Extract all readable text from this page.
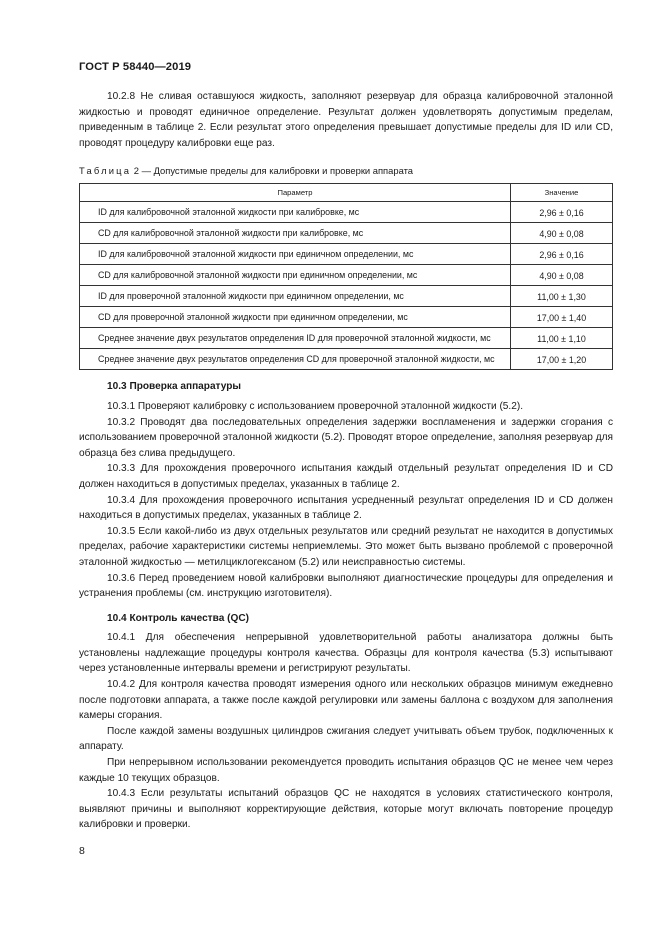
ГОСТ Р 58440—2019

10.2.8 Не сливая оставшуюся жидкость, заполняют резервуар для образца калибровочной эталонной жидкостью и проводят единичное определение. Результат должен удовлетворять допустимым пределам, приведенным в таблице 2. Если результат этого определения превышает допустимые пределы для ID или CD, проводят процедуру калибровки еще раз.

Таблица 2 — Допустимые пределы для калибровки и проверки аппарата

Параметр	Значение
ID для калибровочной эталонной жидкости при калибровке, мс	2,96 ± 0,16
CD для калибровочной эталонной жидкости при калибровке, мс	4,90 ± 0,08
ID для калибровочной эталонной жидкости при единичном определении, мс	2,96 ± 0,16
CD для калибровочной эталонной жидкости при единичном определении, мс	4,90 ± 0,08
ID для проверочной эталонной жидкости при единичном определении, мс	11,00 ± 1,30
CD для проверочной эталонной жидкости при единичном определении, мс	17,00 ± 1,40
Среднее значение двух результатов определения ID для проверочной эталонной жидкости, мс	11,00 ± 1,10
Среднее значение двух результатов определения CD для проверочной эталонной жидкости, мс	17,00 ± 1,20

10.3 Проверка аппаратуры

10.3.1 Проверяют калибровку с использованием проверочной эталонной жидкости (5.2).

10.3.2 Проводят два последовательных определения задержки воспламенения и задержки сгорания с использованием проверочной эталонной жидкости (5.2). Проводят второе определение, заполняя резервуар для образца без слива предыдущего.

10.3.3 Для прохождения проверочного испытания каждый отдельный результат определения ID и CD должен находиться в допустимых пределах, указанных в таблице 2.

10.3.4 Для прохождения проверочного испытания усредненный результат определения ID и CD должен находиться в допустимых пределах, указанных в таблице 2.

10.3.5 Если какой-либо из двух отдельных результатов или средний результат не находится в допустимых пределах, рабочие характеристики системы неприемлемы. Это может быть вызвано проблемой с проверочной эталонной жидкостью — метилциклогексаном (5.2) или неисправностью системы.

10.3.6 Перед проведением новой калибровки выполняют диагностические процедуры для определения и устранения проблемы (см. инструкцию изготовителя).

10.4 Контроль качества (QC)

10.4.1 Для обеспечения непрерывной удовлетворительной работы анализатора должны быть установлены надлежащие процедуры контроля качества. Образцы для контроля качества (5.3) испытывают через установленные интервалы времени и регистрируют результаты.

10.4.2 Для контроля качества проводят измерения одного или нескольких образцов минимум ежедневно после подготовки аппарата, а также после каждой регулировки или замены баллона с воздухом для заполнения камеры сгорания.

После каждой замены воздушных цилиндров сжигания следует учитывать объем трубок, подключенных к аппарату.

При непрерывном использовании рекомендуется проводить испытания образцов QC не менее чем через каждые 10 текущих образцов.

10.4.3 Если результаты испытаний образцов QC не находятся в условиях статистического контроля, выявляют причины и выполняют корректирующие действия, которые могут включать повторение процедур калибровки и проверки.

8
